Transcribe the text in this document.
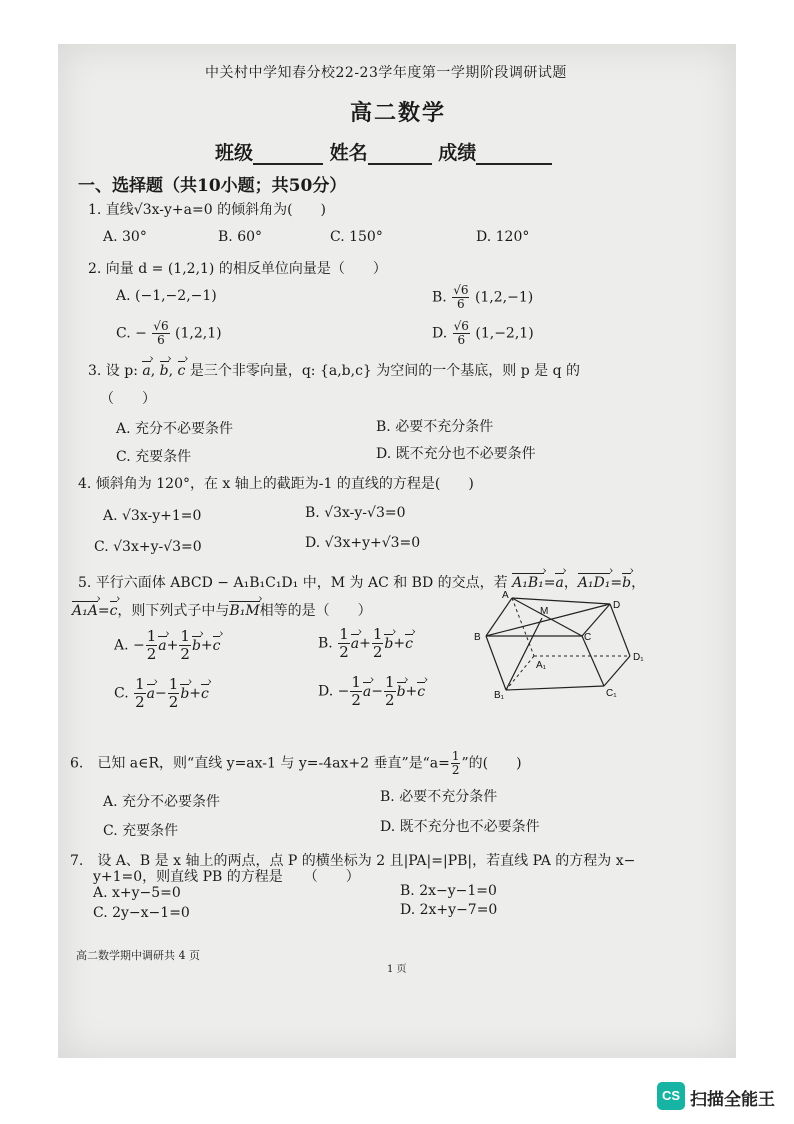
中关村中学知春分校22-23学年度第一学期阶段调研试题
高二数学
班级	姓名	成绩
一、选择题（共10小题；共50分）
1. 直线√3x-y+a=0 的倾斜角为(　　)
A. 30°	B. 60°	C. 150°	D. 120°
2. 向量 d = (1,2,1) 的相反单位向量是（　　）
A. (−1,−2,−1)	B. $\frac{√6}{6} (1,2,-1)$
C. − $\frac{√6}{6} (1,2,1)$	D. $\frac{√6}{6} (1,-2,1)$
3. 设 p: a ›, b ›, c › 是三个非零向量，q: {a,b,c} 为空间的一个基底，则 p 是 q 的
（　　）
A. 充分不必要条件	B. 必要不充分条件
C. 充要条件	D. 既不充分也不必要条件
4. 倾斜角为 120°，在 x 轴上的截距为-1 的直线的方程是(　　)
A. √3x-y+1=0	B. √3x-y-√3=0
C. √3x+y-√3=0	D. √3x+y+√3=0
5. 平行六面体 ABCD − A₁B₁C₁D₁ 中，M 为 AC 和 BD 的交点，若 A₁B₁ ›=a ›，A₁D₁ ›=b ›，
A₁A ›=c ›，则下列式子中与B₁M ›相等的是（　　）
A. − $\frac{1}{2}$ a ›+ $\frac{1}{2}$ b ›+c ›	B. $\frac{1}{2}$ a ›+ $\frac{1}{2}$ b ›+c ›
C. $\frac{1}{2}$ a ›− $\frac{1}{2}$ b ›+c ›	D. − $\frac{1}{2}$ a ›− $\frac{1}{2}$ b ›+c ›
A
M
D
B	C
A₁
D₁
B₁	C₁
6.　已知 a∈R，则“直线 y=ax-1 与 y=-4ax+2 垂直”是“$a= \frac{1}{2}$ ”的(　　)
A. 充分不必要条件	B. 必要不充分条件
C. 充要条件	D. 既不充分也不必要条件
7.　设 A、B 是 x 轴上的两点，点 P 的横坐标为 2 且|PA|=|PB|，若直线 PA 的方程为 x−
y+1=0，则直线 PB 的方程是　　（　　）
A. x+y−5=0	B. 2x−y−1=0
C. 2y−x−1=0	D. 2x+y−7=0
高二数学期中调研共 4 页
1 页
CS 扫描全能王
